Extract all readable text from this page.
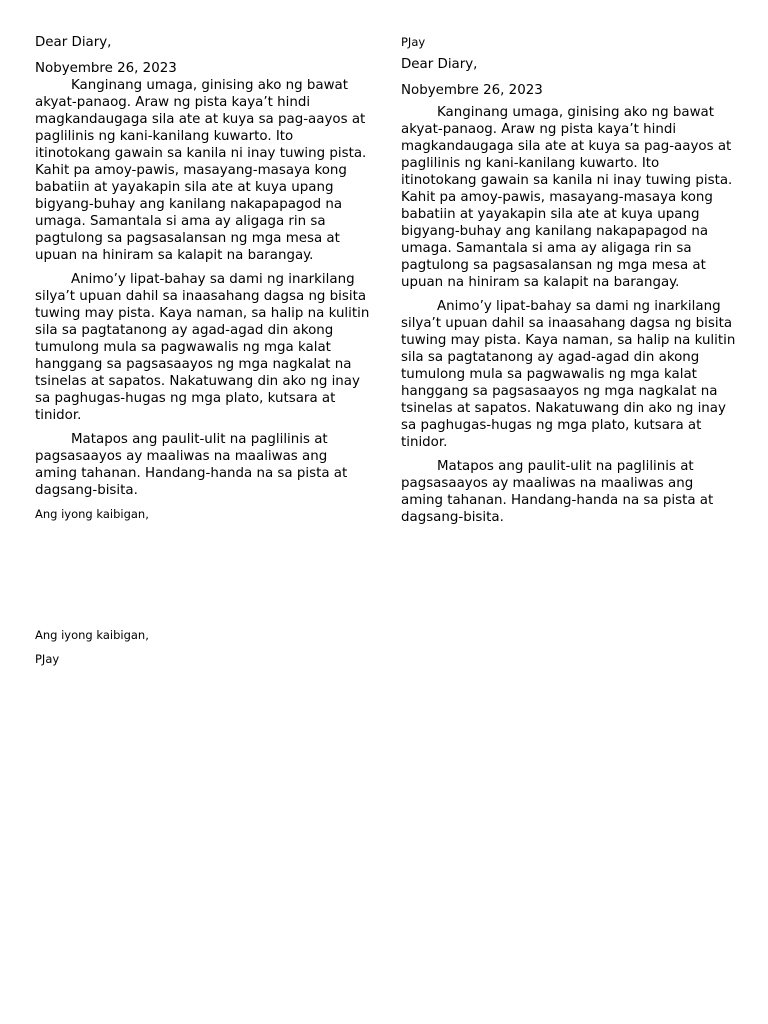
Dear Diary,
Nobyembre 26, 2023
Kanginang umaga, ginising ako ng bawat akyat-panaog. Araw ng pista kaya’t hindi magkandaugaga sila ate at kuya sa pag-aayos at paglilinis ng kani-kanilang kuwarto. Ito itinotokang gawain sa kanila ni inay tuwing pista. Kahit pa amoy-pawis, masayang-masaya kong babatiin at yayakapin sila ate at kuya upang bigyang-buhay ang kanilang nakapapagod na umaga. Samantala si ama ay aligaga rin sa pagtulong sa pagsasalansan ng mga mesa at upuan na hiniram sa kalapit na barangay.
Animo’y lipat-bahay sa dami ng inarkilang silya’t upuan dahil sa inaasahang dagsa ng bisita tuwing may pista. Kaya naman, sa halip na kulitin sila sa pagtatanong ay agad-agad din akong tumulong mula sa pagwawalis ng mga kalat hanggang sa pagsasaayos ng mga nagkalat na tsinelas at sapatos. Nakatuwang din ako ng inay sa paghugas-hugas ng mga plato, kutsara at tinidor.
Matapos ang paulit-ulit na paglilinis at pagsasaayos ay maaliwas na maaliwas ang aming tahanan. Handang-handa na sa pista at dagsang-bisita.
Ang iyong kaibigan,
Ang iyong kaibigan,
PJay
PJay
Dear Diary,
Nobyembre 26, 2023
Kanginang umaga, ginising ako ng bawat akyat-panaog. Araw ng pista kaya’t hindi magkandaugaga sila ate at kuya sa pag-aayos at paglilinis ng kani-kanilang kuwarto. Ito itinotokang gawain sa kanila ni inay tuwing pista. Kahit pa amoy-pawis, masayang-masaya kong babatiin at yayakapin sila ate at kuya upang bigyang-buhay ang kanilang nakapapagod na umaga. Samantala si ama ay aligaga rin sa pagtulong sa pagsasalansan ng mga mesa at upuan na hiniram sa kalapit na barangay.
Animo’y lipat-bahay sa dami ng inarkilang silya’t upuan dahil sa inaasahang dagsa ng bisita tuwing may pista. Kaya naman, sa halip na kulitin sila sa pagtatanong ay agad-agad din akong tumulong mula sa pagwawalis ng mga kalat hanggang sa pagsasaayos ng mga nagkalat na tsinelas at sapatos. Nakatuwang din ako ng inay sa paghugas-hugas ng mga plato, kutsara at tinidor.
Matapos ang paulit-ulit na paglilinis at pagsasaayos ay maaliwas na maaliwas ang aming tahanan. Handang-handa na sa pista at dagsang-bisita.
